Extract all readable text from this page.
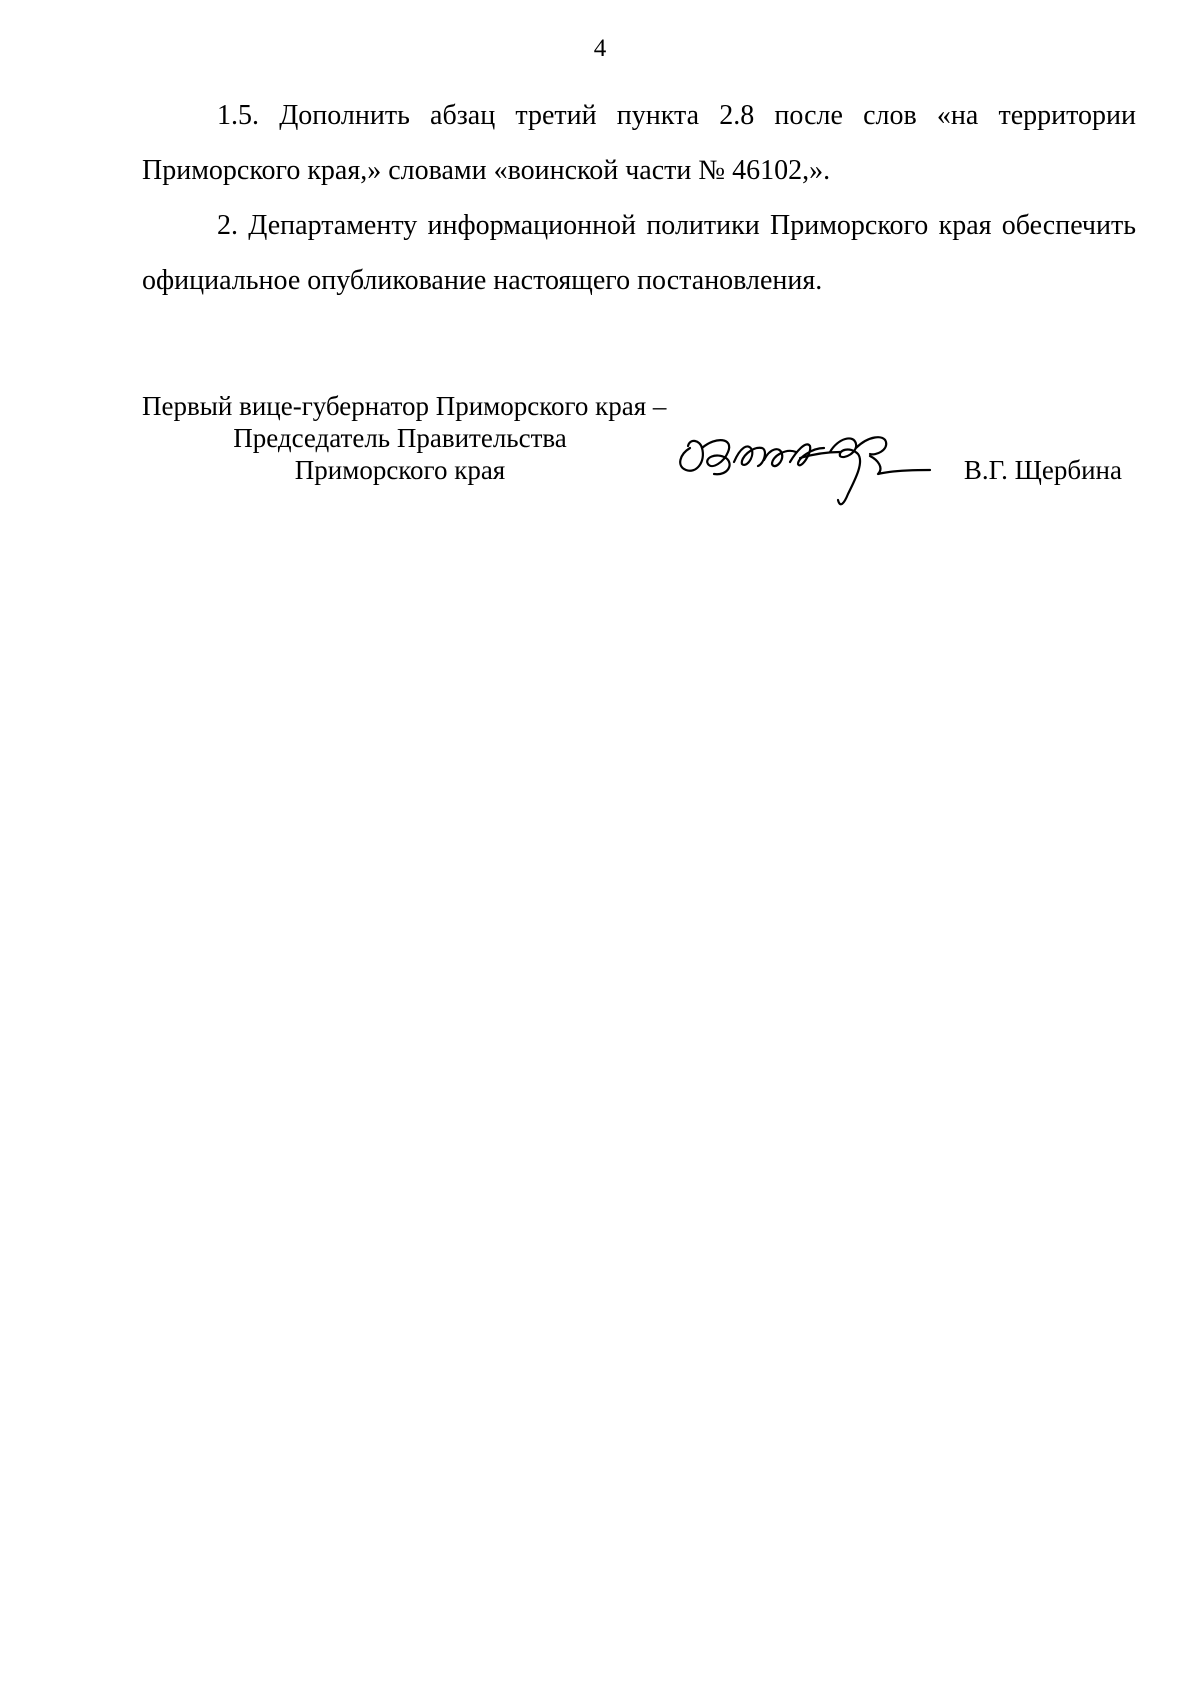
4

1.5. Дополнить абзац третий пункта 2.8 после слов «на территории Приморского края,» словами «воинской части № 46102,».

2. Департаменту информационной политики Приморского края обеспечить официальное опубликование настоящего постановления.

Первый вице-губернатор Приморского края –
Председатель Правительства
Приморского края	В.Г. Щербина
